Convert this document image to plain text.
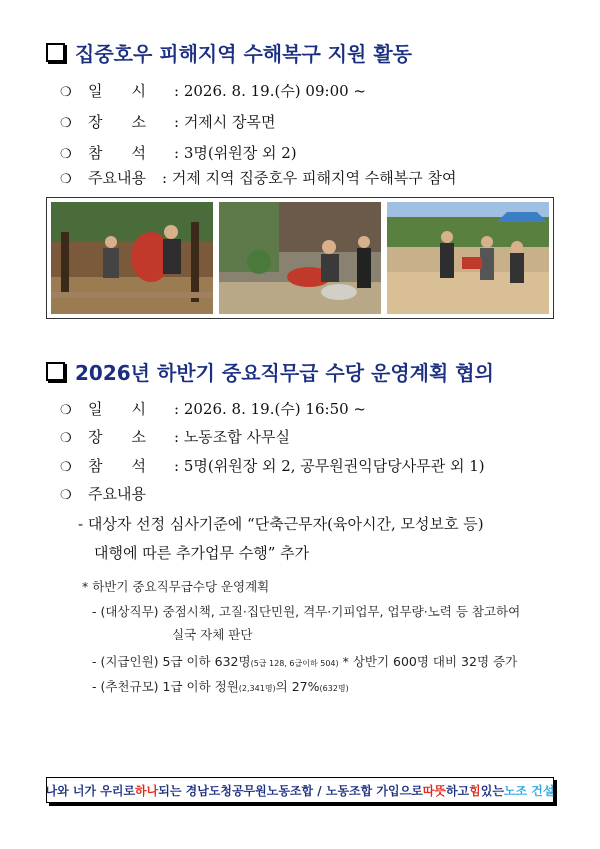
집중호우 피해지역 수해복구 지원 활동
❍	일 시 : 2026. 8. 19.(수) 09:00 ~
❍	장 소 : 거제시 장목면
❍	참 석 : 3명(위원장 외 2)
❍	주요내용	: 거제 지역 집중호우 피해지역 수해복구 참여
2026년 하반기 중요직무급 수당 운영계획 협의
❍	일 시 : 2026. 8. 19.(수) 16:50 ~
❍	장 소 : 노동조합 사무실
❍	참 석 : 5명(위원장 외 2, 공무원권익담당사무관 외 1)
❍	주요내용
- 대상자 선정 심사기준에 “단축근무자(육아시간, 모성보호 등)
대행에 따른 추가업무 수행” 추가
* 하반기 중요직무급수당 운영계획
- (대상직무) 중점시책, 고질·집단민원, 격무·기피업무, 업무량·노력 등 참고하여
실국 자체 판단
- (지급인원) 5급 이하 632명(5급 128, 6급이하 504) * 상반기 600명 대비 32명 증가
- (추천규모) 1급 이하 정원(2,341명)의 27%(632명)
나와 너가 우리로 하나 되는 경남도청공무원노동조합 / 노동조합 가입으로 따뜻 하고 힘 있는 노조 건설
